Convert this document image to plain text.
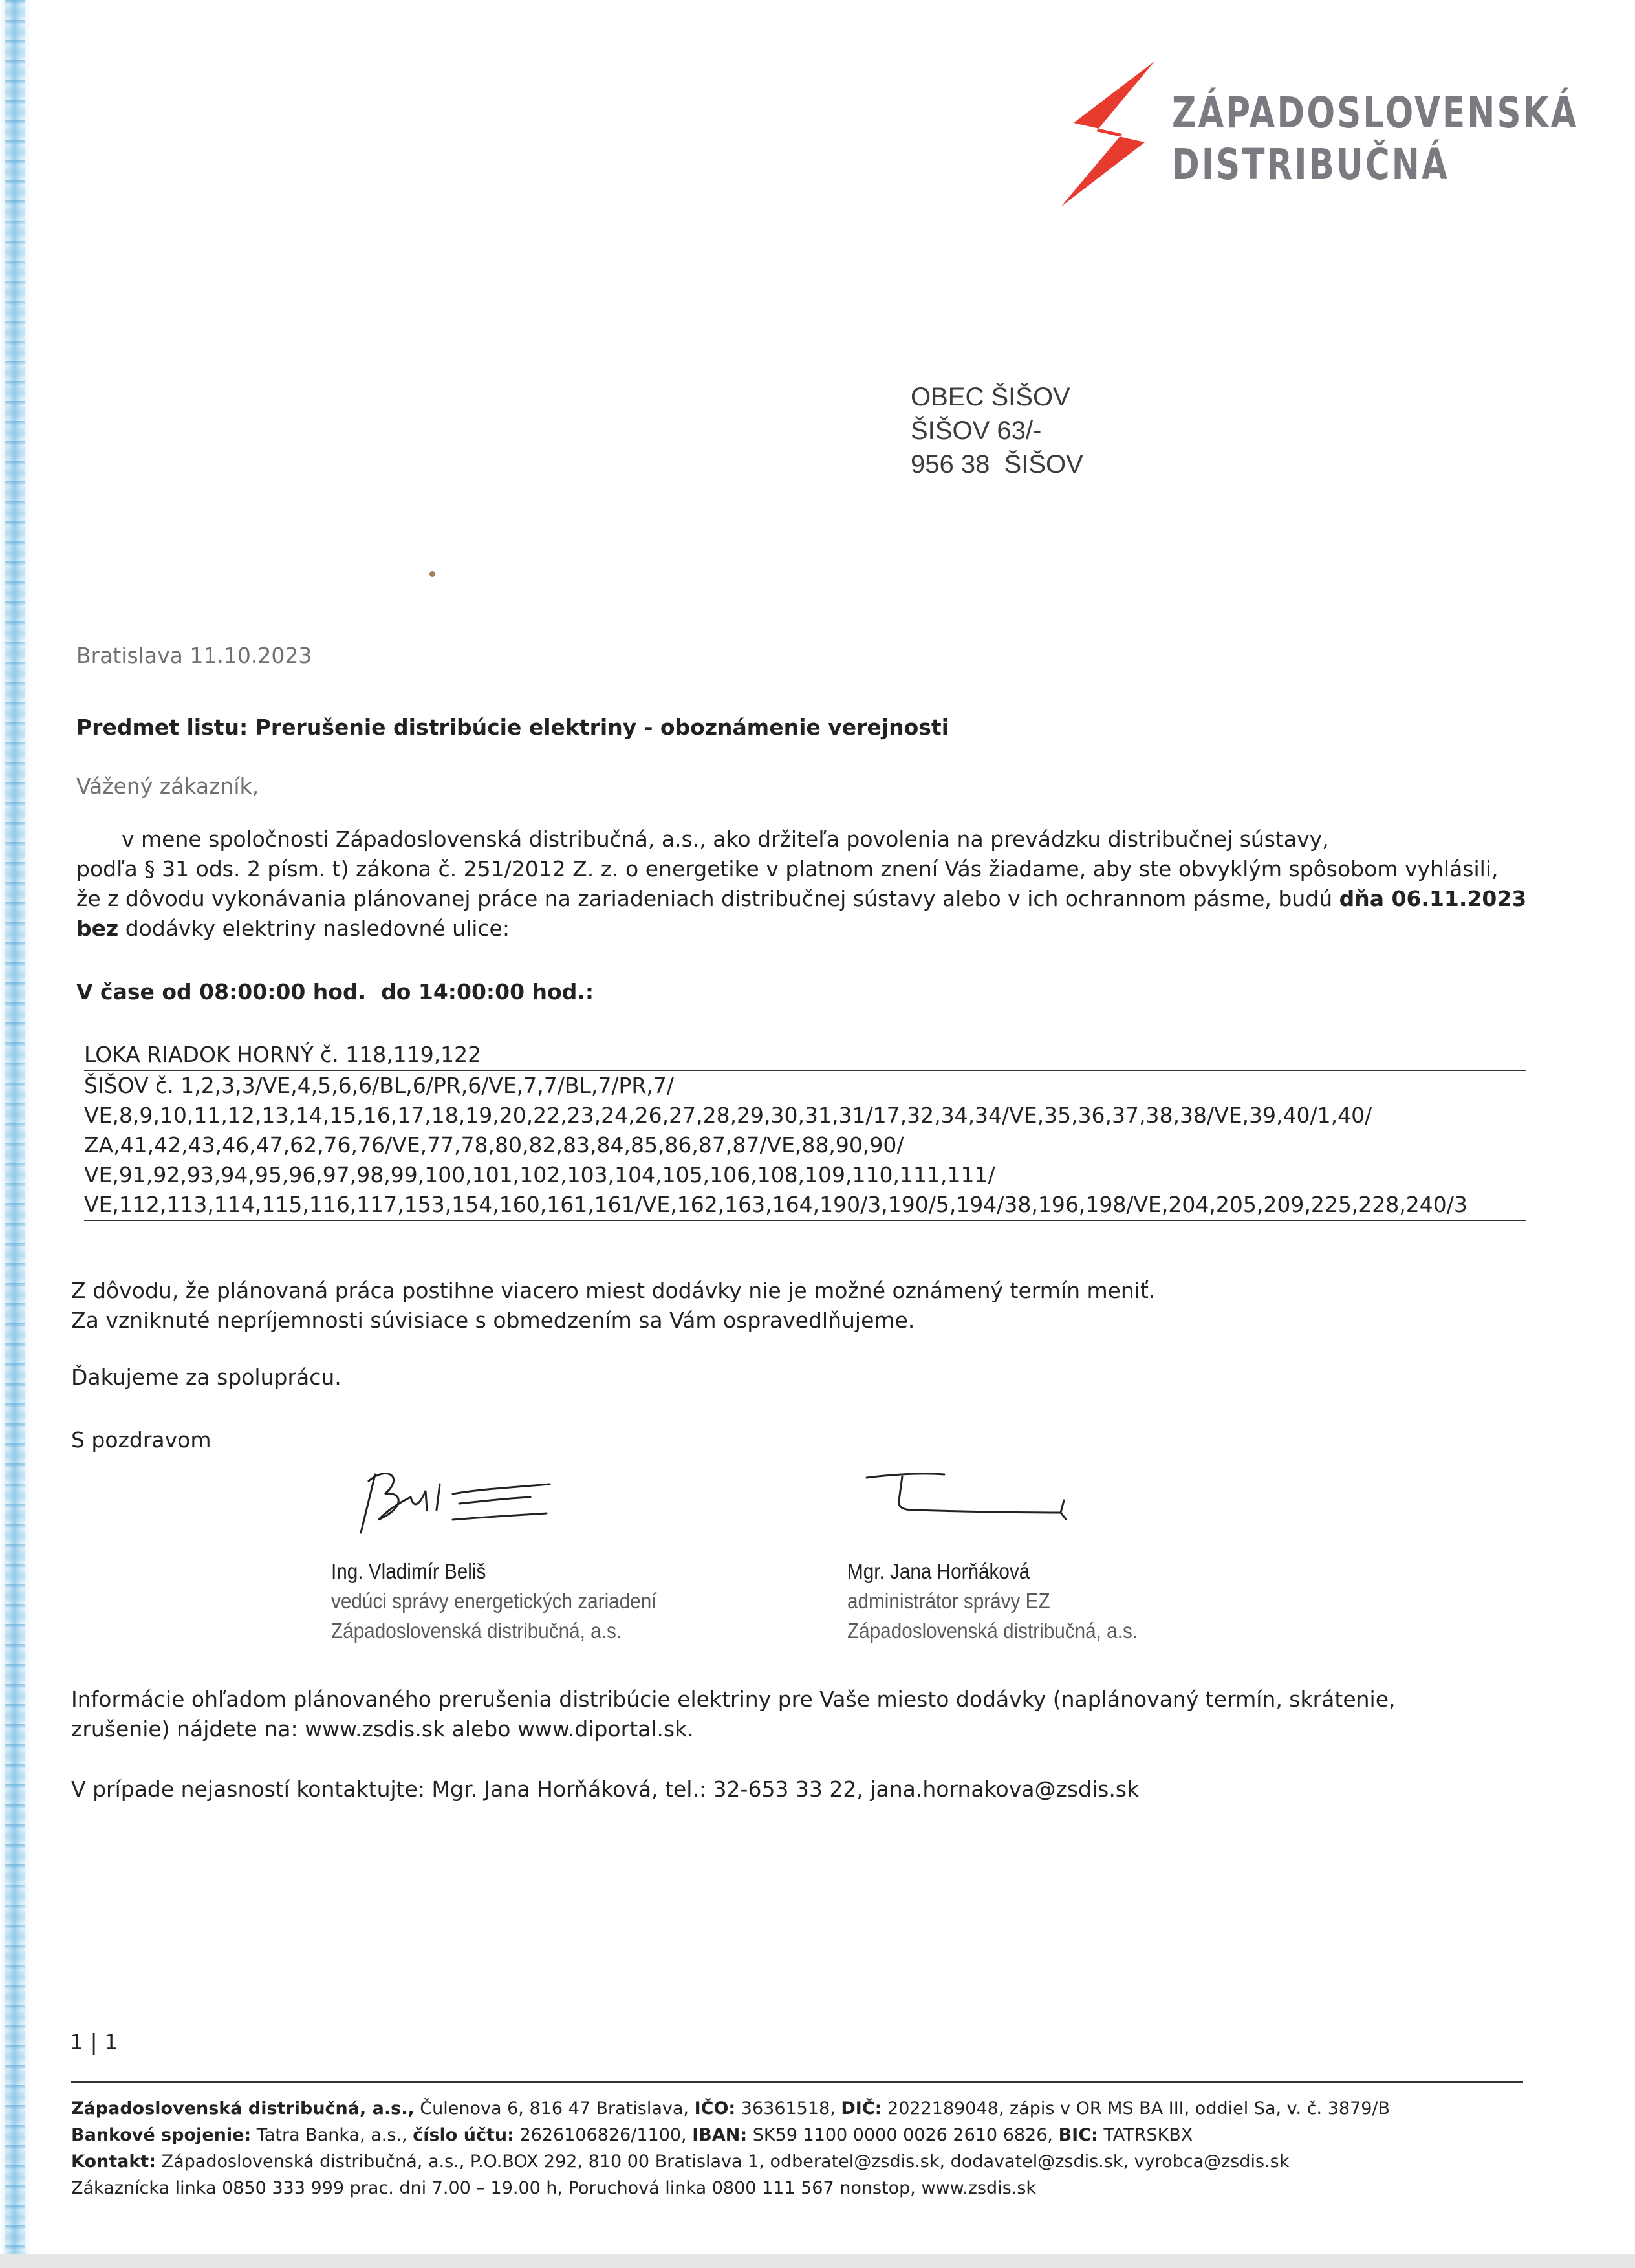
ZÁPADOSLOVENSKÁ
DISTRIBUČNÁ
OBEC ŠIŠOV
ŠIŠOV 63/-
956 38  ŠIŠOV
Bratislava 11.10.2023
Predmet listu: Prerušenie distribúcie elektriny - oboznámenie verejnosti
Vážený zákazník,
v mene spoločnosti Západoslovenská distribučná, a.s., ako držiteľa povolenia na prevádzku distribučnej sústavy,
podľa § 31 ods. 2 písm. t) zákona č. 251/2012 Z. z. o energetike v platnom znení Vás žiadame, aby ste obvyklým spôsobom vyhlásili,
že z dôvodu vykonávania plánovanej práce na zariadeniach distribučnej sústavy alebo v ich ochrannom pásme, budú dňa 06.11.2023
bez dodávky elektriny nasledovné ulice:
V čase od 08:00:00 hod.  do 14:00:00 hod.:
LOKA RIADOK HORNÝ č. 118,119,122
ŠIŠOV č. 1,2,3,3/VE,4,5,6,6/BL,6/PR,6/VE,7,7/BL,7/PR,7/
VE,8,9,10,11,12,13,14,15,16,17,18,19,20,22,23,24,26,27,28,29,30,31,31/17,32,34,34/VE,35,36,37,38,38/VE,39,40/1,40/
ZA,41,42,43,46,47,62,76,76/VE,77,78,80,82,83,84,85,86,87,87/VE,88,90,90/
VE,91,92,93,94,95,96,97,98,99,100,101,102,103,104,105,106,108,109,110,111,111/
VE,112,113,114,115,116,117,153,154,160,161,161/VE,162,163,164,190/3,190/5,194/38,196,198/VE,204,205,209,225,228,240/3
Z dôvodu, že plánovaná práca postihne viacero miest dodávky nie je možné oznámený termín meniť.
Za vzniknuté nepríjemnosti súvisiace s obmedzením sa Vám ospravedlňujeme.
Ďakujeme za spoluprácu.
S pozdravom
Ing. Vladimír Beliš
vedúci správy energetických zariadení
Západoslovenská distribučná, a.s.
Mgr. Jana Horňáková
administrátor správy EZ
Západoslovenská distribučná, a.s.
Informácie ohľadom plánovaného prerušenia distribúcie elektriny pre Vaše miesto dodávky (naplánovaný termín, skrátenie,
zrušenie) nájdete na: www.zsdis.sk alebo www.diportal.sk.
V prípade nejasností kontaktujte: Mgr. Jana Horňáková, tel.: 32-653 33 22, jana.hornakova@zsdis.sk
1 | 1
Západoslovenská distribučná, a.s., Čulenova 6, 816 47 Bratislava, IČO: 36361518, DIČ: 2022189048, zápis v OR MS BA III, oddiel Sa, v. č. 3879/B
Bankové spojenie: Tatra Banka, a.s., číslo účtu: 2626106826/1100, IBAN: SK59 1100 0000 0026 2610 6826, BIC: TATRSKBX
Kontakt: Západoslovenská distribučná, a.s., P.O.BOX 292, 810 00 Bratislava 1, odberatel@zsdis.sk, dodavatel@zsdis.sk, vyrobca@zsdis.sk
Zákaznícka linka 0850 333 999 prac. dni 7.00 – 19.00 h, Poruchová linka 0800 111 567 nonstop, www.zsdis.sk
